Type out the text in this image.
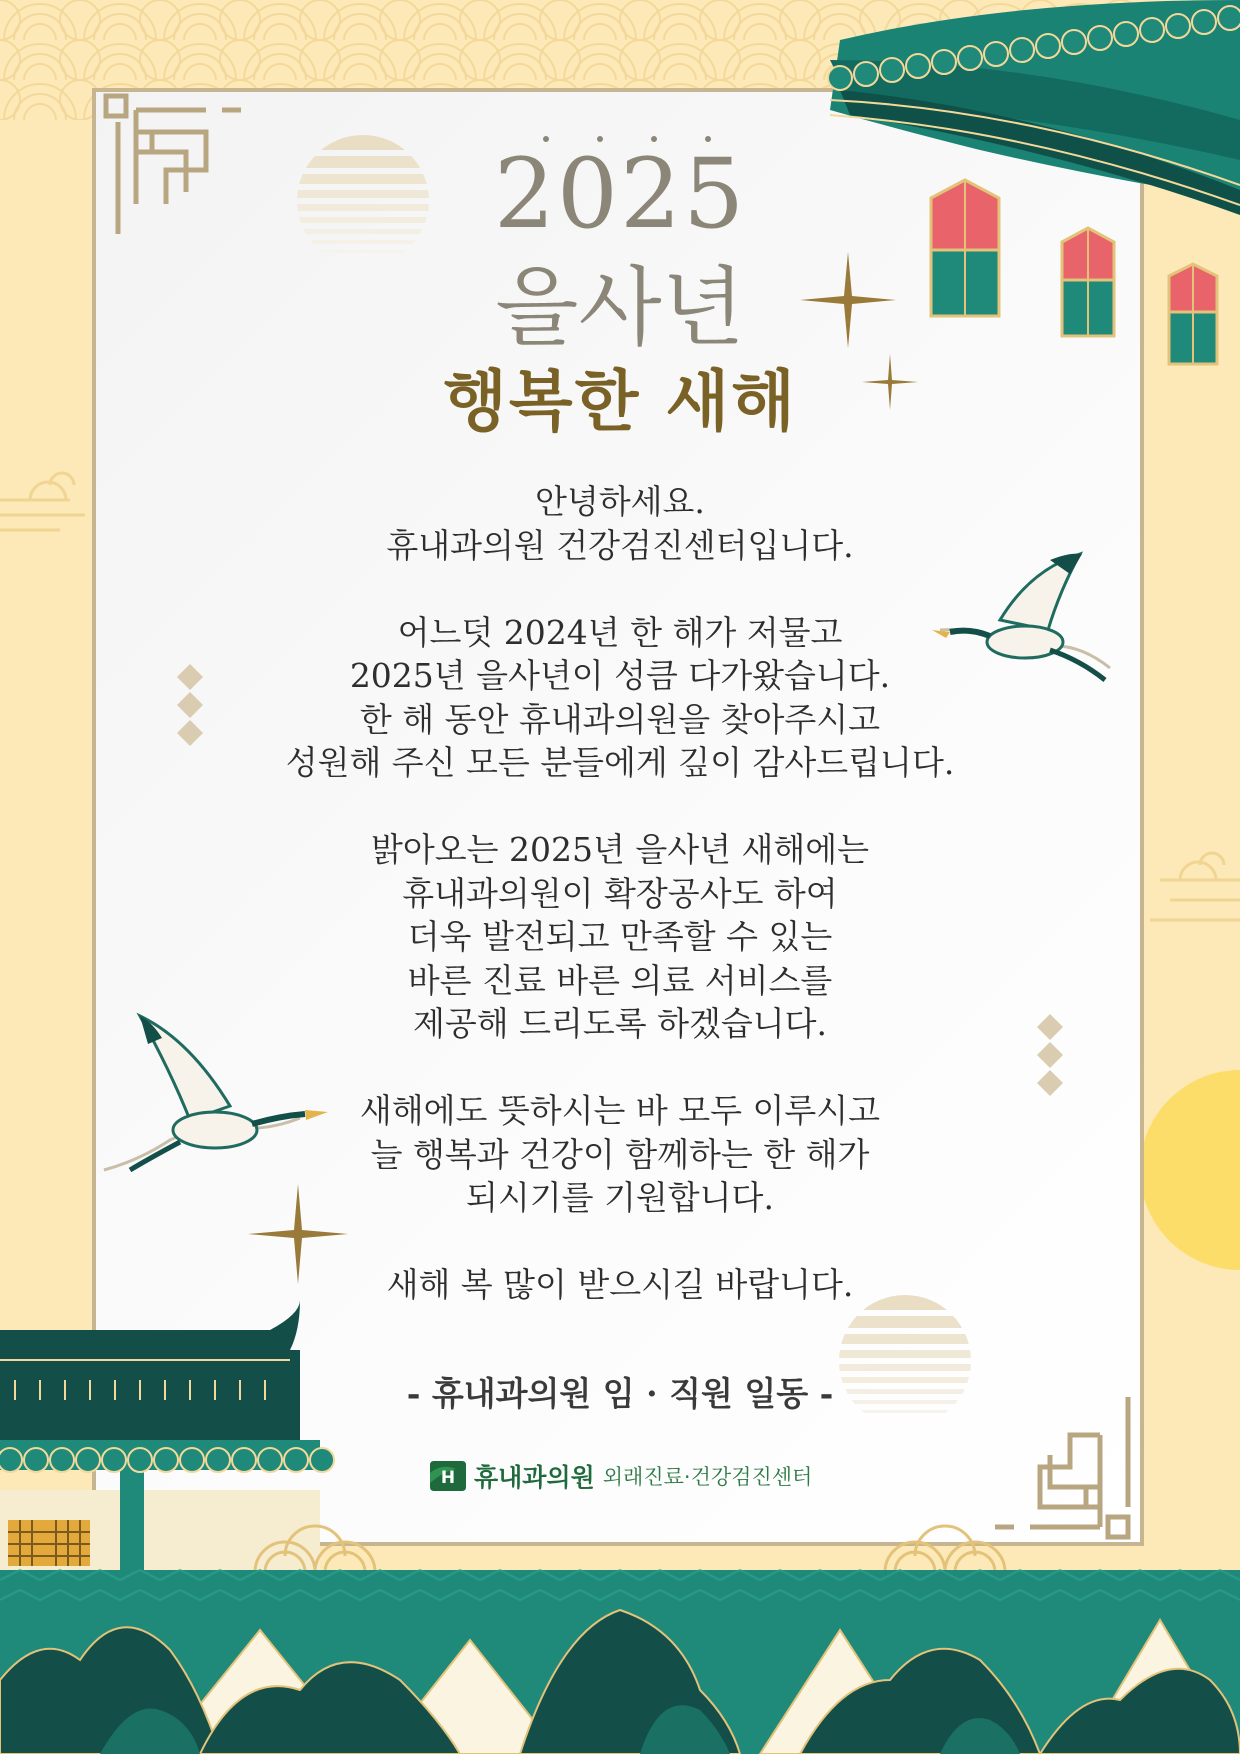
2025
을사년
행복한 새해

안녕하세요.
휴내과의원 건강검진센터입니다.

어느덧 2024년 한 해가 저물고
2025년 을사년이 성큼 다가왔습니다.
한 해 동안 휴내과의원을 찾아주시고
성원해 주신 모든 분들에게 깊이 감사드립니다.

밝아오는 2025년 을사년 새해에는
휴내과의원이 확장공사도 하여
더욱 발전되고 만족할 수 있는
바른 진료 바른 의료 서비스를
제공해 드리도록 하겠습니다.

새해에도 뜻하시는 바 모두 이루시고
늘 행복과 건강이 함께하는 한 해가
되시기를 기원합니다.

새해 복 많이 받으시길 바랍니다.

- 휴내과의원 임 · 직원 일동 -
H 휴내과의원 외래진료·건강검진센터
